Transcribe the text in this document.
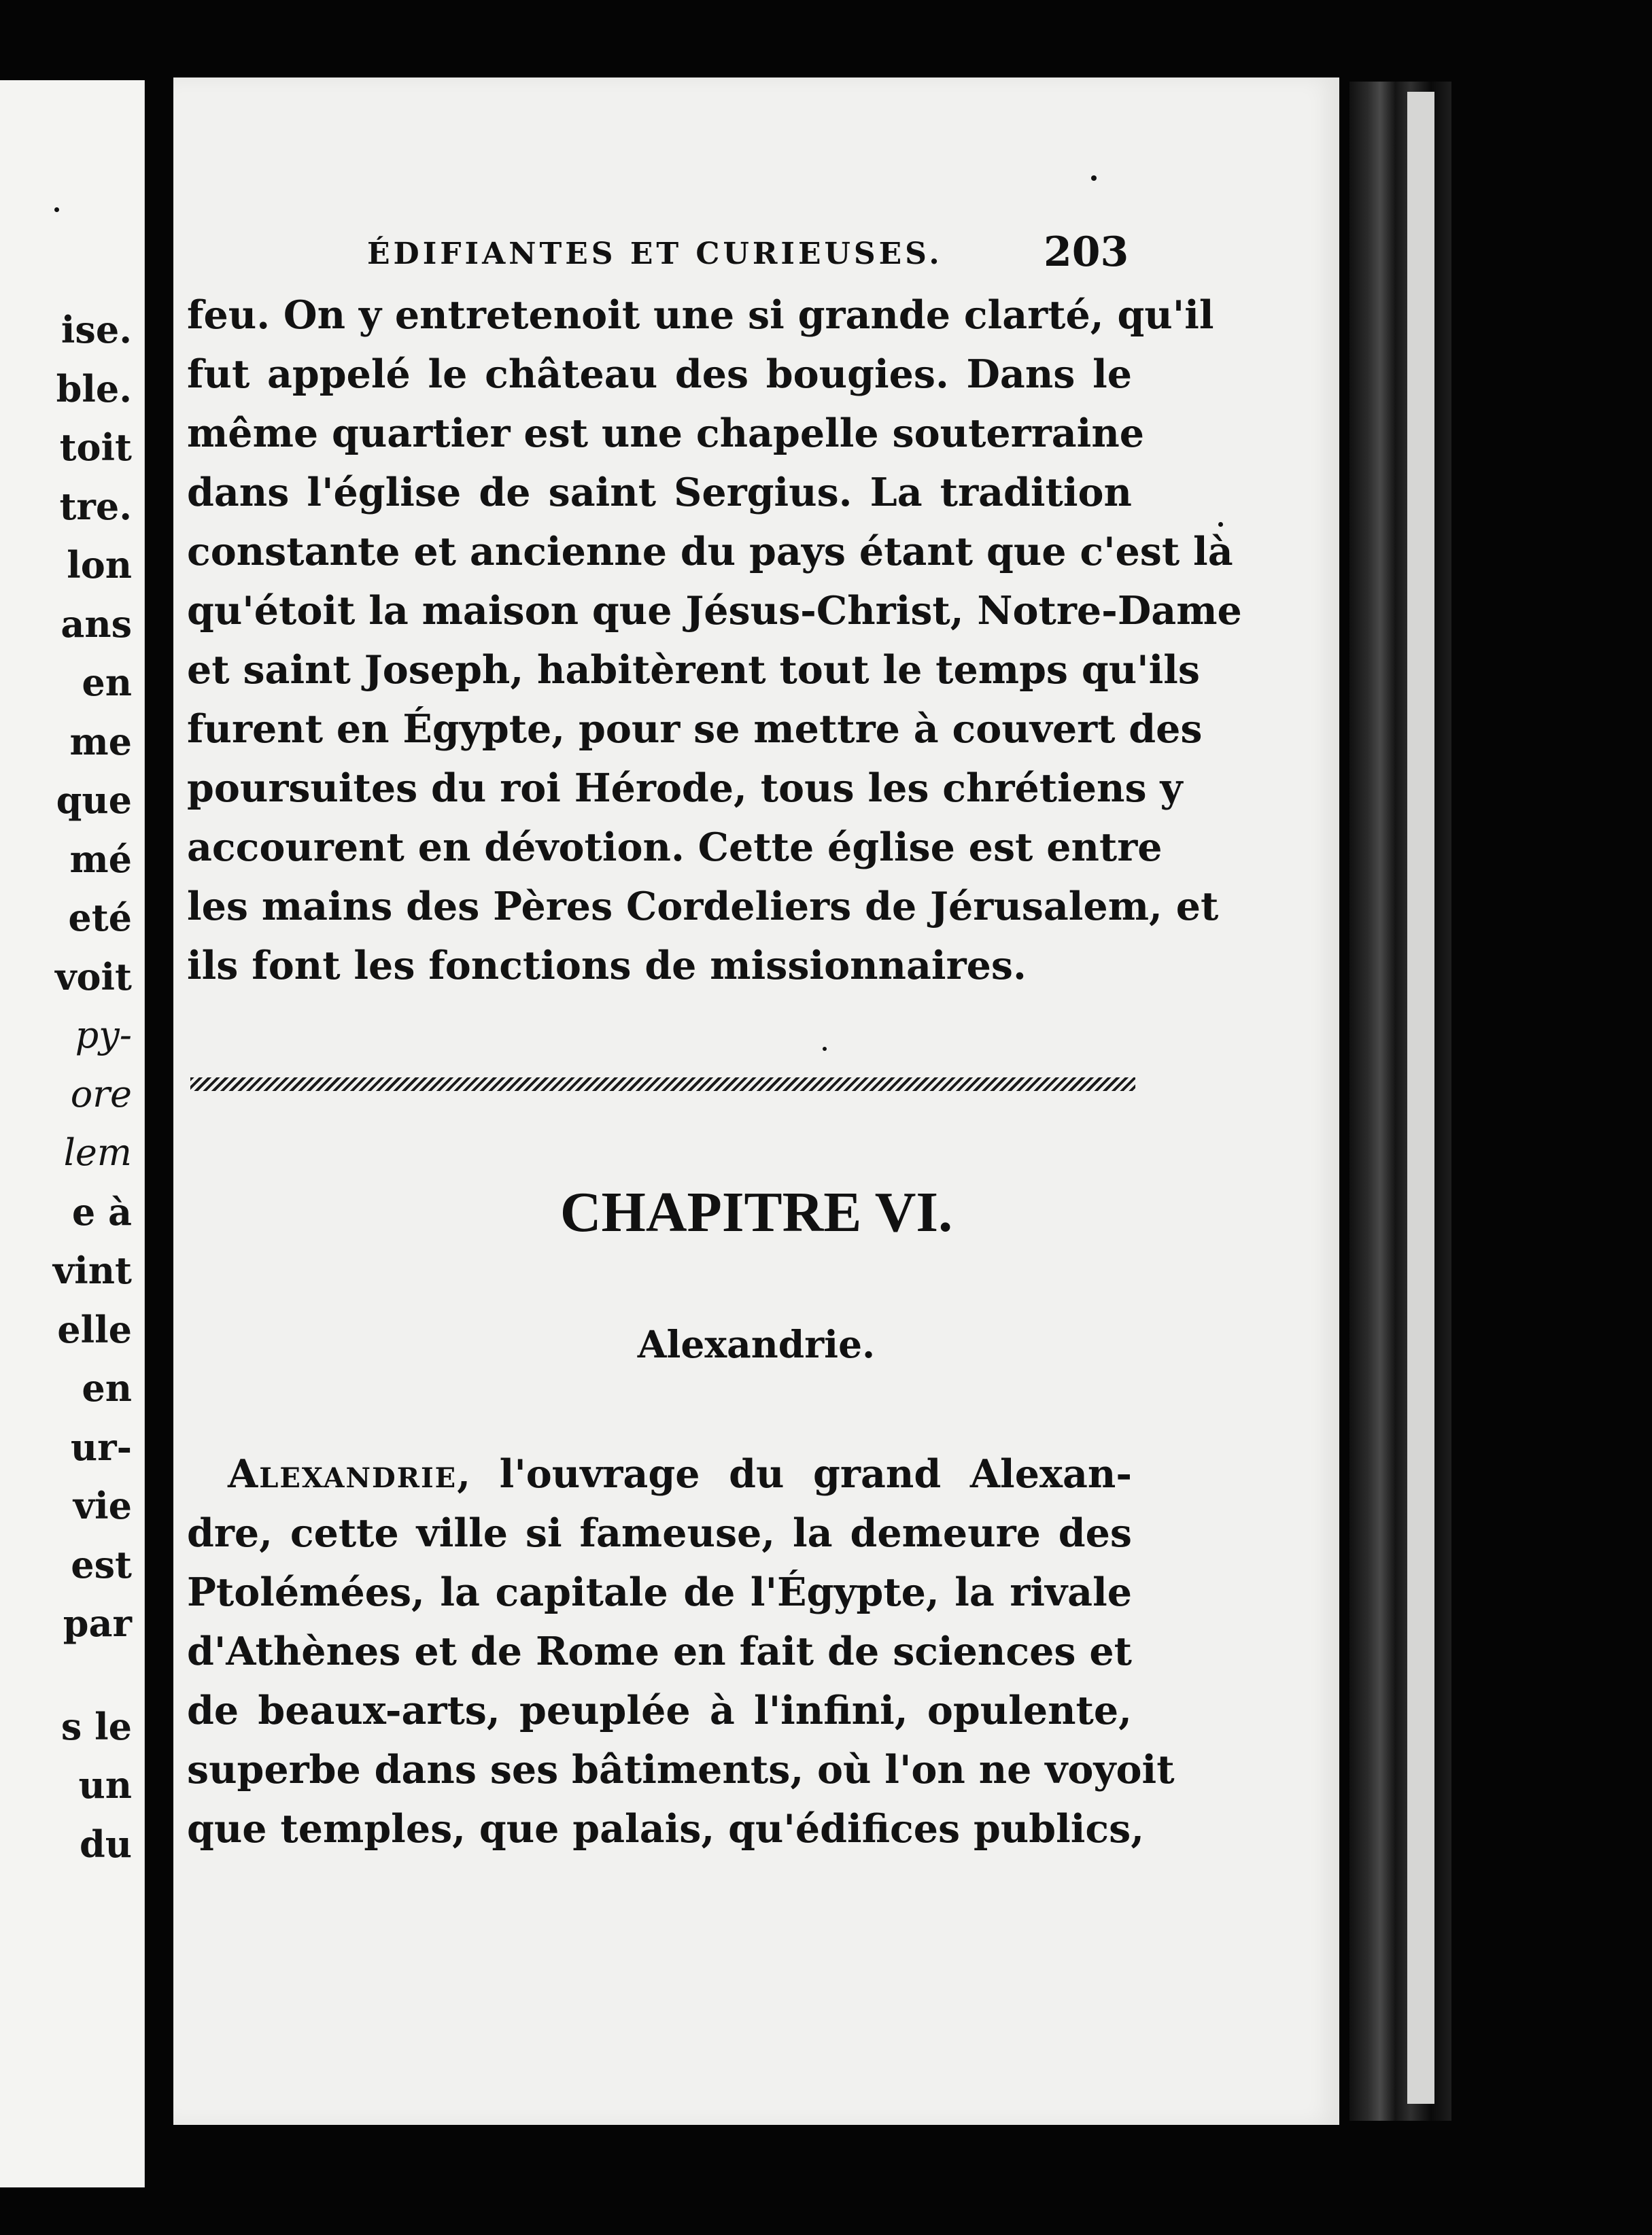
ise.
ble.
toit
tre.
lon
ans
en
me
que
mé
eté
voit
py-
ore
lem
e à
vint
elle
en
ur-
vie
est
par
s le
un
du
ÉDIFIANTES ET CURIEUSES. 203
feu. On y entretenoit une si grande clarté, qu'il
fut appelé le château des bougies. Dans le
même quartier est une chapelle souterraine
dans l'église de saint Sergius. La tradition
constante et ancienne du pays étant que c'est là
qu'étoit la maison que Jésus-Christ, Notre-Dame
et saint Joseph, habitèrent tout le temps qu'ils
furent en Égypte, pour se mettre à couvert des
poursuites du roi Hérode, tous les chrétiens y
accourent en dévotion. Cette église est entre
les mains des Pères Cordeliers de Jérusalem, et
ils font les fonctions de missionnaires.
CHAPITRE VI.
Alexandrie.
Alexandrie, l'ouvrage du grand Alexan-
dre, cette ville si fameuse, la demeure des
Ptolémées, la capitale de l'Égypte, la rivale
d'Athènes et de Rome en fait de sciences et
de beaux-arts, peuplée à l'infini, opulente,
superbe dans ses bâtiments, où l'on ne voyoit
que temples, que palais, qu'édifices publics,
